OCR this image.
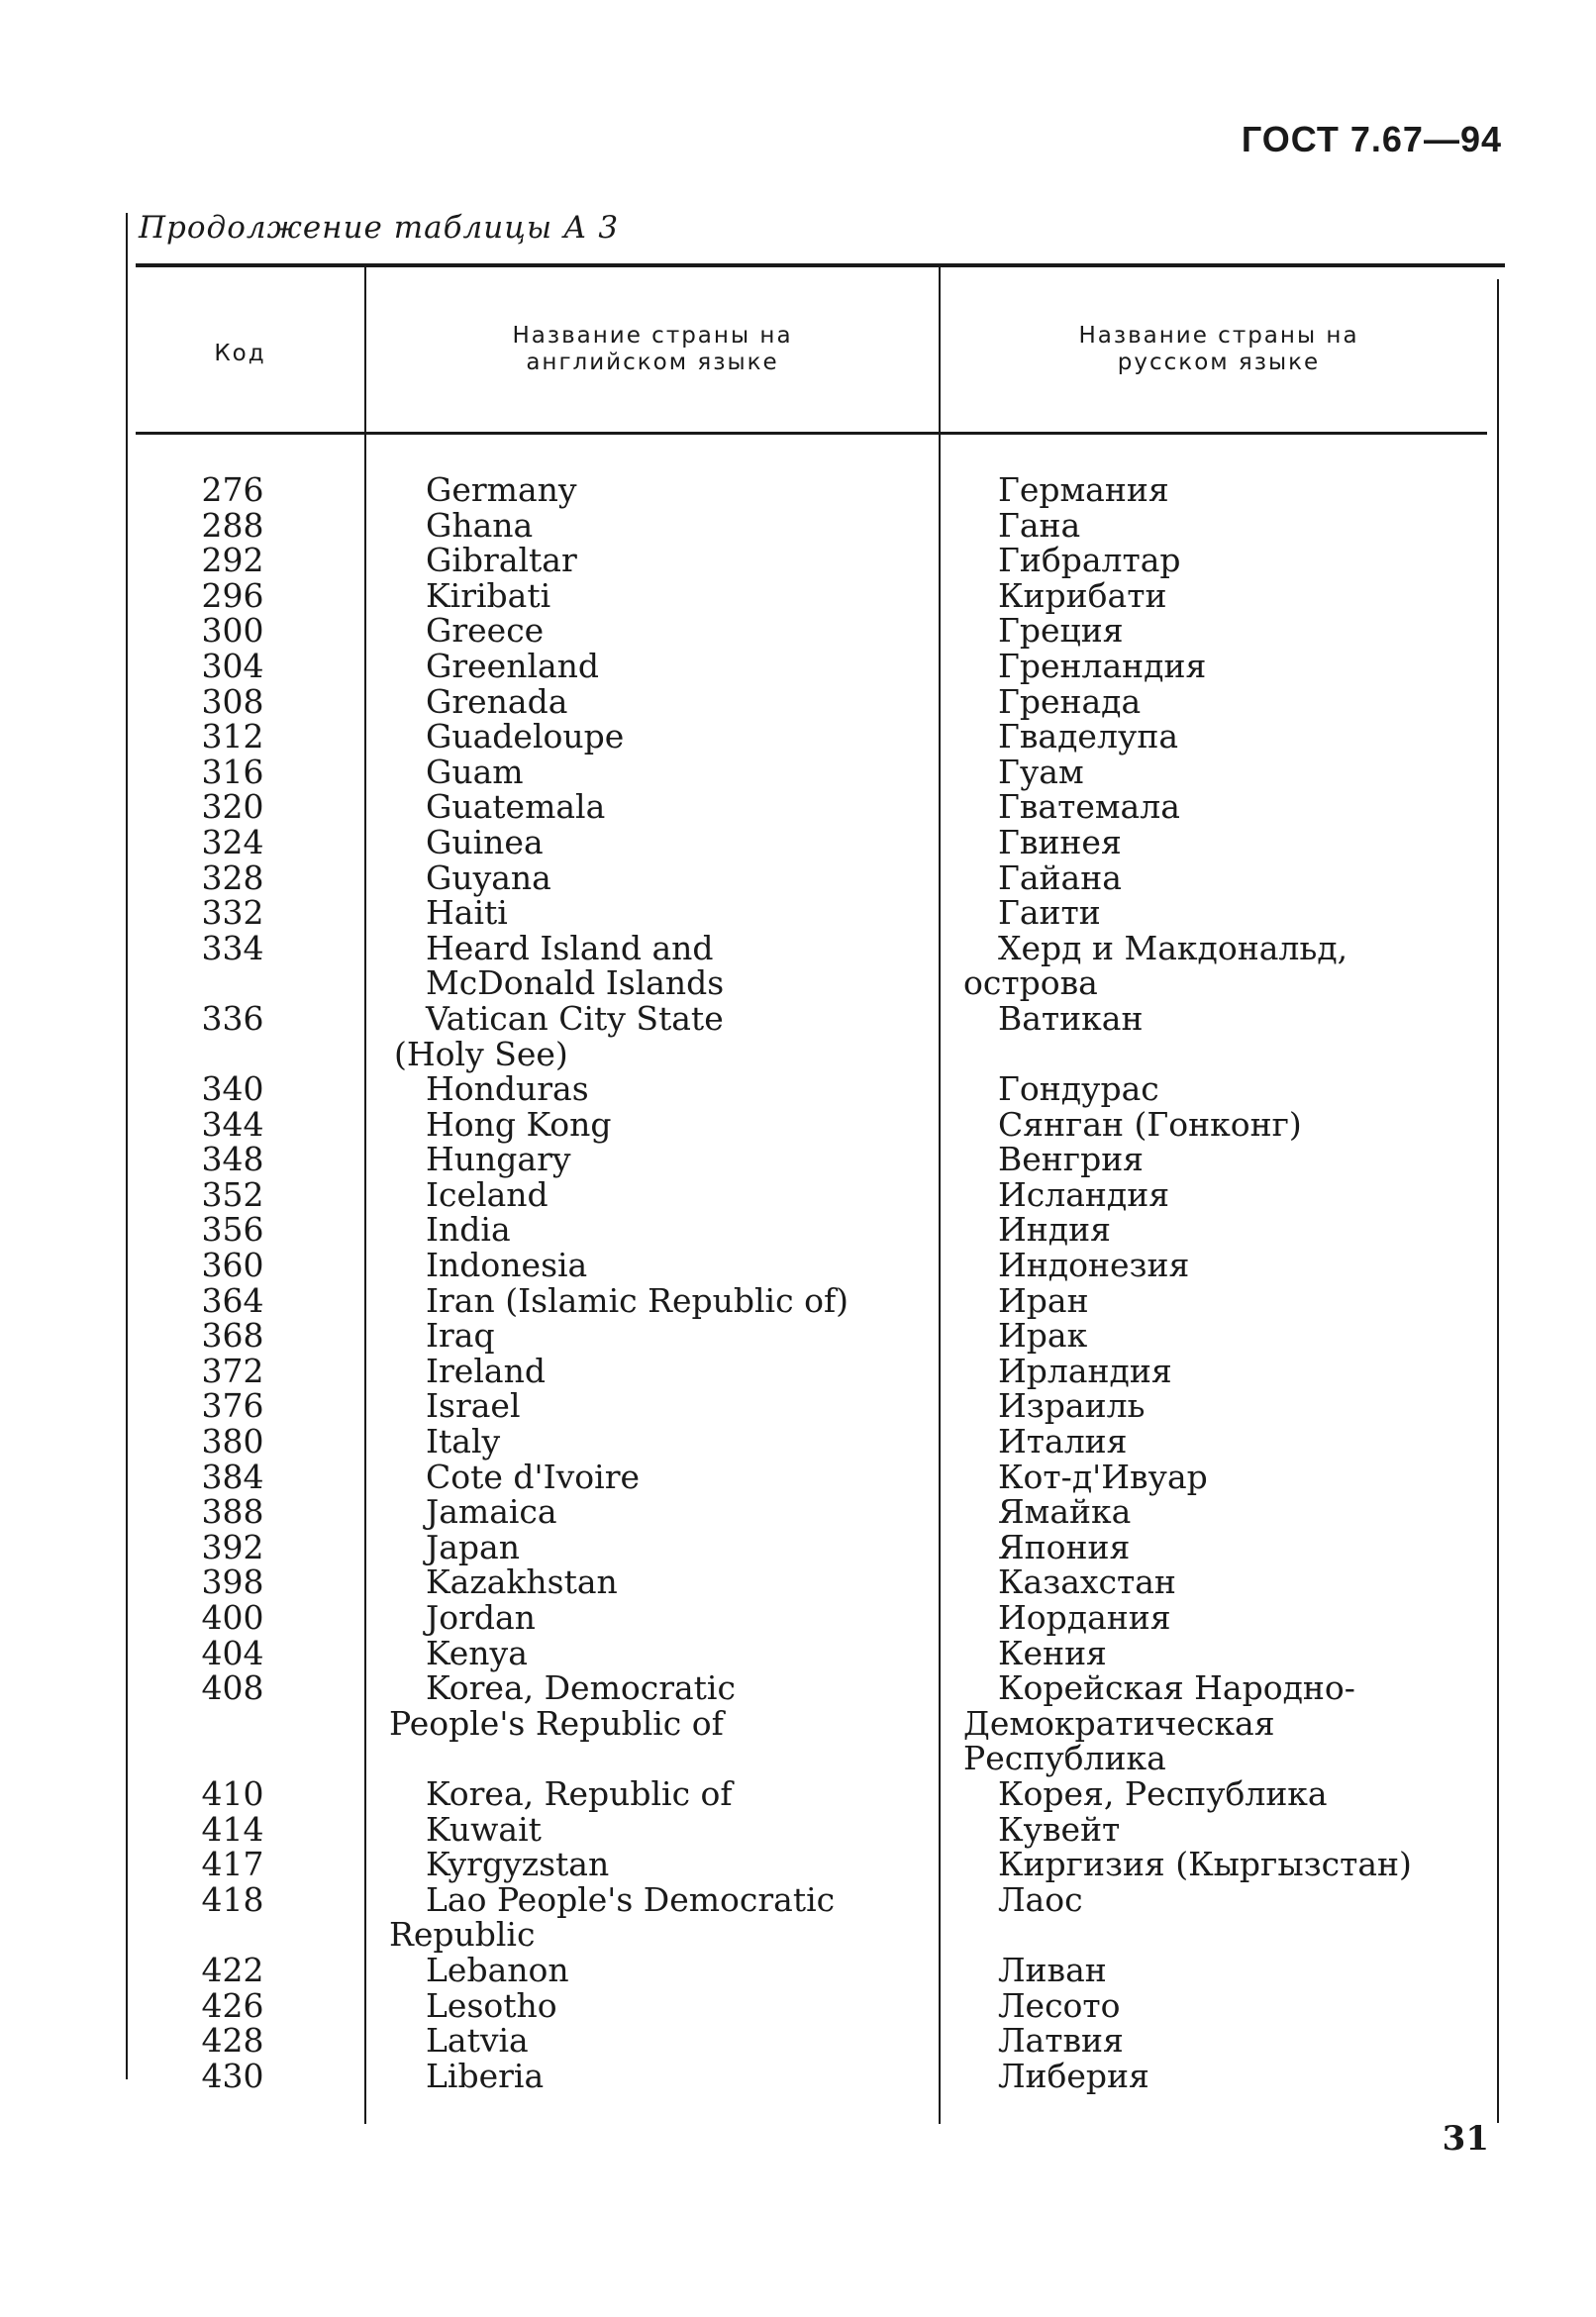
ГОСТ 7.67—94
Продолжение таблицы А 3
Код
Название страны на
английском языке
Название страны на
русском языке
276
288
292
296
300
304
308
312
316
320
324
328
332
334
336
340
344
348
352
356
360
364
368
372
376
380
384
388
392
398
400
404
408
410
414
417
418
422
426
428
430
Germany
Ghana
Gibraltar
Kiribati
Greece
Greenland
Grenada
Guadeloupe
Guam
Guatemala
Guinea
Guyana
Haiti
Heard Island and
McDonald Islands
Vatican City State
(Holy See)
Honduras
Hong Kong
Hungary
Iceland
India
Indonesia
Iran (Islamic Republic of)
Iraq
Ireland
Israel
Italy
Cote d'Ivoire
Jamaica
Japan
Kazakhstan
Jordan
Kenya
Korea, Democratic
People's Republic of
Korea, Republic of
Kuwait
Kyrgyzstan
Lao People's Democratic
Republic
Lebanon
Lesotho
Latvia
Liberia
Германия
Гана
Гибралтар
Кирибати
Греция
Гренландия
Гренада
Гваделупа
Гуам
Гватемала
Гвинея
Гайана
Гаити
Херд и Макдональд,
острова
Ватикан
Гондурас
Сянган (Гонконг)
Венгрия
Исландия
Индия
Индонезия
Иран
Ирак
Ирландия
Израиль
Италия
Кот-д'Ивуар
Ямайка
Япония
Казахстан
Иордания
Кения
Корейская Народно-
Демократическая
Республика
Корея, Республика
Кувейт
Киргизия (Кыргызстан)
Лаос
Ливан
Лесото
Латвия
Либерия
31
